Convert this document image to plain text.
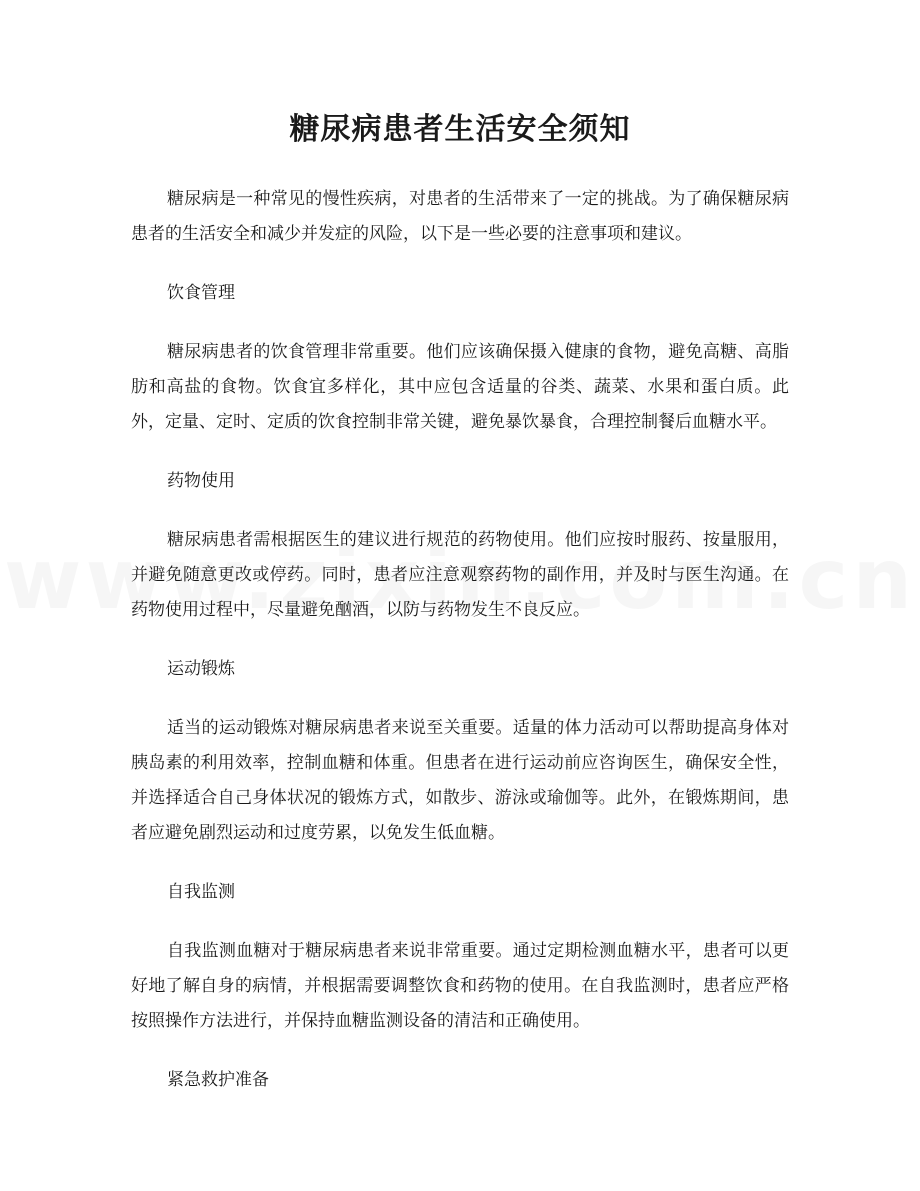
糖尿病患者生活安全须知

糖尿病是一种常见的慢性疾病，对患者的生活带来了一定的挑战。为了确保糖尿病患者的生活安全和减少并发症的风险，以下是一些必要的注意事项和建议。

饮食管理

糖尿病患者的饮食管理非常重要。他们应该确保摄入健康的食物，避免高糖、高脂肪和高盐的食物。饮食宜多样化，其中应包含适量的谷类、蔬菜、水果和蛋白质。此外，定量、定时、定质的饮食控制非常关键，避免暴饮暴食，合理控制餐后血糖水平。

药物使用

糖尿病患者需根据医生的建议进行规范的药物使用。他们应按时服药、按量服用，并避免随意更改或停药。同时，患者应注意观察药物的副作用，并及时与医生沟通。在药物使用过程中，尽量避免酗酒，以防与药物发生不良反应。

运动锻炼

适当的运动锻炼对糖尿病患者来说至关重要。适量的体力活动可以帮助提高身体对胰岛素的利用效率，控制血糖和体重。但患者在进行运动前应咨询医生，确保安全性，并选择适合自己身体状况的锻炼方式，如散步、游泳或瑜伽等。此外，在锻炼期间，患者应避免剧烈运动和过度劳累，以免发生低血糖。

自我监测

自我监测血糖对于糖尿病患者来说非常重要。通过定期检测血糖水平，患者可以更好地了解自身的病情，并根据需要调整饮食和药物的使用。在自我监测时，患者应严格按照操作方法进行，并保持血糖监测设备的清洁和正确使用。

紧急救护准备
